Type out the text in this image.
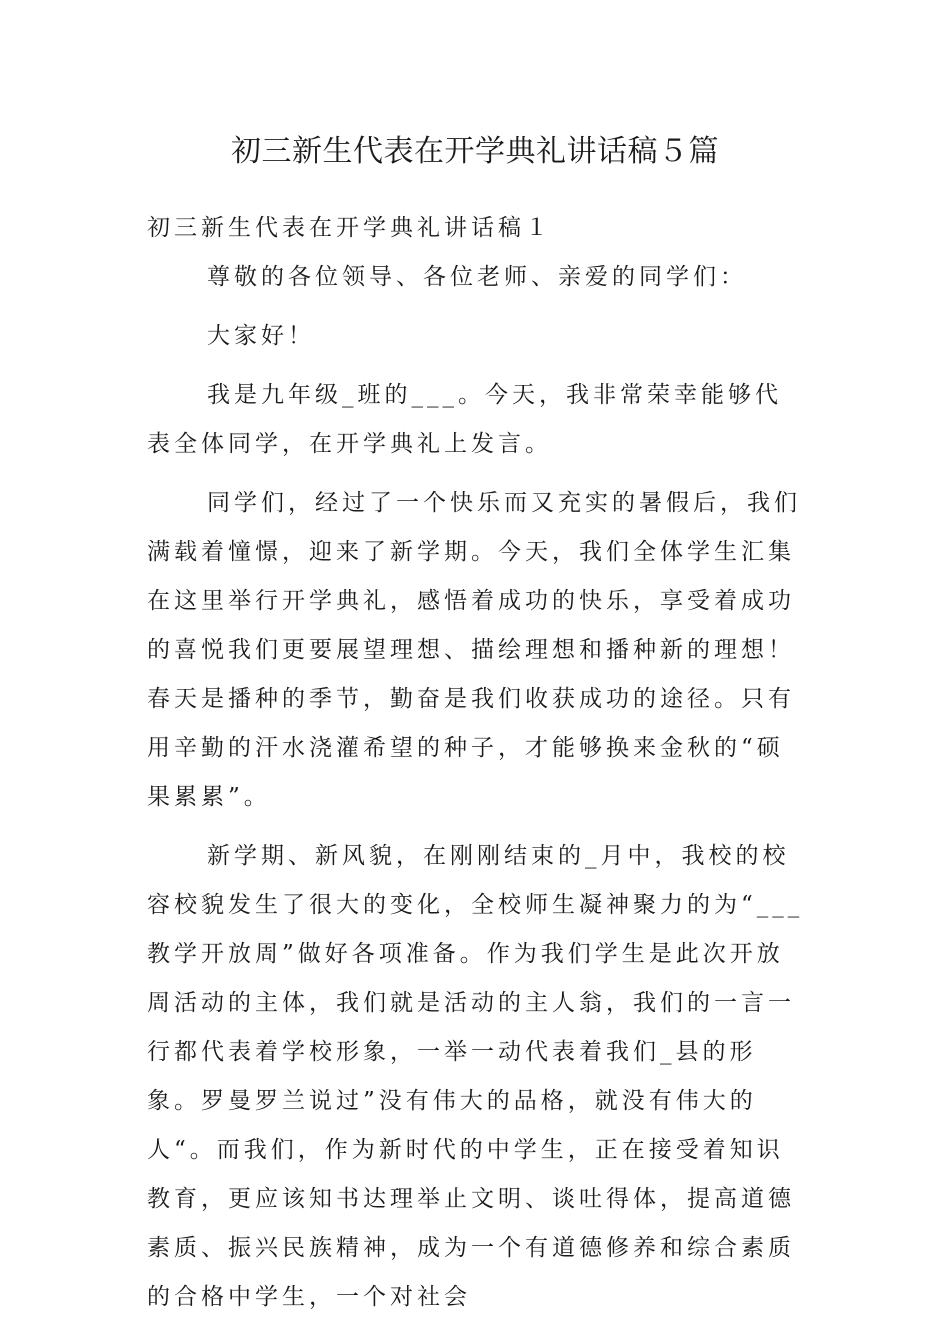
初三新生代表在开学典礼讲话稿５篇

初三新生代表在开学典礼讲话稿１

尊敬的各位领导、各位老师、亲爱的同学们：

大家好！

我是九年级_班的___。今天，我非常荣幸能够代表全体同学，在开学典礼上发言。

同学们，经过了一个快乐而又充实的暑假后，我们满载着憧憬，迎来了新学期。今天，我们全体学生汇集在这里举行开学典礼，感悟着成功的快乐，享受着成功的喜悦我们更要展望理想、描绘理想和播种新的理想！春天是播种的季节，勤奋是我们收获成功的途径。只有用辛勤的汗水浇灌希望的种子，才能够换来金秋的“硕果累累”。

新学期、新风貌，在刚刚结束的_月中，我校的校容校貌发生了很大的变化，全校师生凝神聚力的为“___教学开放周”做好各项准备。作为我们学生是此次开放周活动的主体，我们就是活动的主人翁，我们的一言一行都代表着学校形象，一举一动代表着我们_县的形象。罗曼罗兰说过”没有伟大的品格，就没有伟大的人“。而我们，作为新时代的中学生，正在接受着知识教育，更应该知书达理举止文明、谈吐得体，提高道德素质、振兴民族精神，成为一个有道德修养和综合素质的合格中学生，一个对社会
